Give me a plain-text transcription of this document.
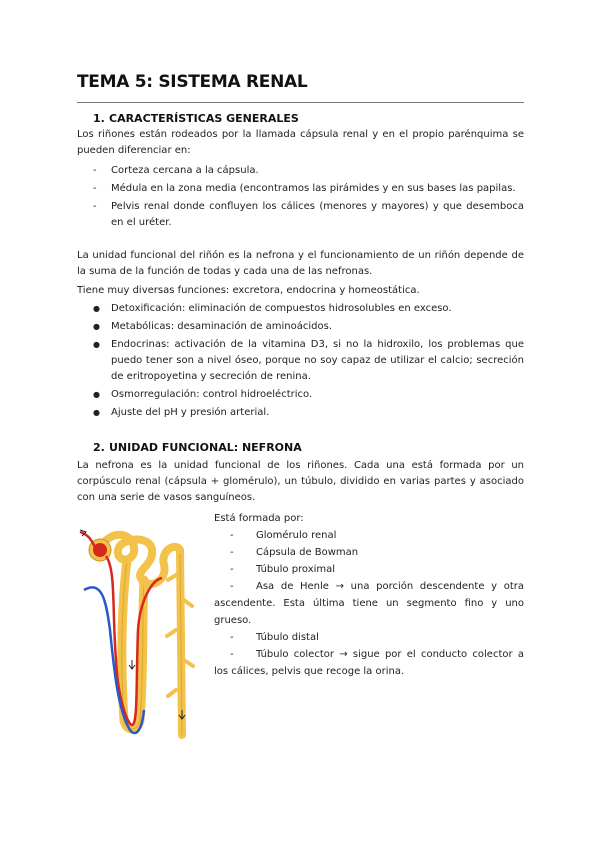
TEMA 5: SISTEMA RENAL
1. CARACTERÍSTICAS GENERALES

Los riñones están rodeados por la llamada cápsula renal y en el propio parénquima se pueden diferenciar en:

- Corteza cercana a la cápsula.
- Médula en la zona media (encontramos las pirámides y en sus bases las papilas.
- Pelvis renal donde confluyen los cálices (menores y mayores) y que desemboca en el uréter.

La unidad funcional del riñón es la nefrona y el funcionamiento de un riñón depende de la suma de la función de todas y cada una de las nefronas.

Tiene muy diversas funciones: excretora, endocrina y homeostática.

● Detoxificación: eliminación de compuestos hidrosolubles en exceso.
● Metabólicas: desaminación de aminoácidos.
● Endocrinas: activación de la vitamina D3, si no la hidroxilo, los problemas que puedo tener son a nivel óseo, porque no soy capaz de utilizar el calcio; secreción de eritropoyetina y secreción de renina.
● Osmorregulación: control hidroeléctrico.
● Ajuste del pH y presión arterial.
2. UNIDAD FUNCIONAL: NEFRONA

La nefrona es la unidad funcional de los riñones. Cada una está formada por un corpúsculo renal (cápsula + glomérulo), un túbulo, dividido en varias partes y asociado con una serie de vasos sanguíneos.

Está formada por:

- Glomérulo renal
- Cápsula de Bowman
- Túbulo proximal
- Asa de Henle → una porción descendente y otra ascendente. Esta última tiene un segmento fino y uno grueso.
- Túbulo distal
- Túbulo colector → sigue por el conducto colector a los cálices, pelvis que recoge la orina.
